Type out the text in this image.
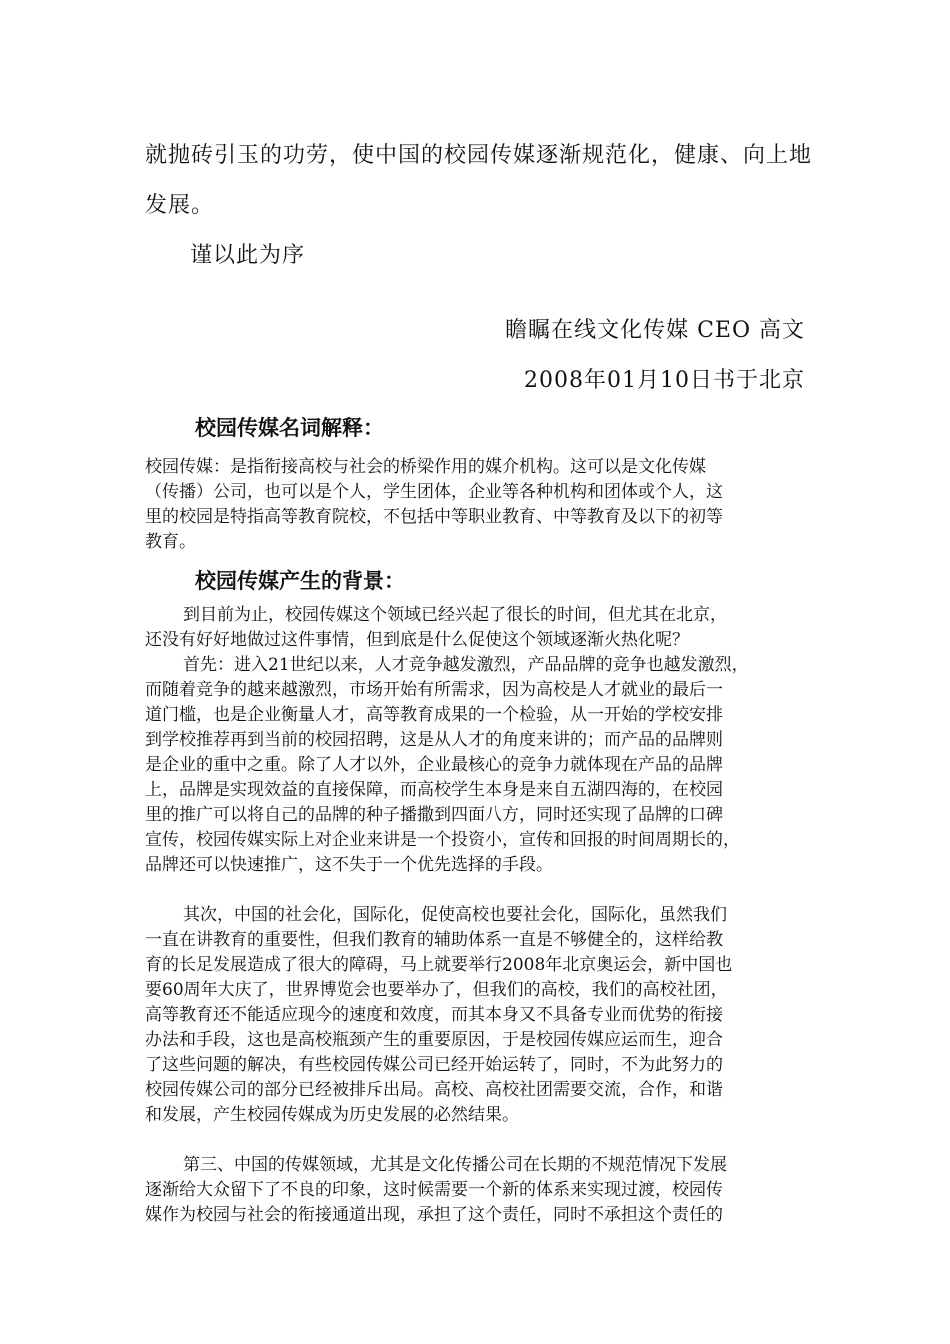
就抛砖引玉的功劳，使中国的校园传媒逐渐规范化，健康、向上地
发展。
谨以此为序
瞻瞩在线文化传媒 CEO 高文
2008年01月10日书于北京
校园传媒名词解释：
校园传媒：是指衔接高校与社会的桥梁作用的媒介机构。这可以是文化传媒
（传播）公司，也可以是个人，学生团体，企业等各种机构和团体或个人，这
里的校园是特指高等教育院校，不包括中等职业教育、中等教育及以下的初等
教育。
校园传媒产生的背景：
到目前为止，校园传媒这个领域已经兴起了很长的时间，但尤其在北京，
还没有好好地做过这件事情，但到底是什么促使这个领域逐渐火热化呢？
首先：进入21世纪以来，人才竞争越发激烈，产品品牌的竞争也越发激烈，
而随着竞争的越来越激烈，市场开始有所需求，因为高校是人才就业的最后一
道门槛，也是企业衡量人才，高等教育成果的一个检验，从一开始的学校安排
到学校推荐再到当前的校园招聘，这是从人才的角度来讲的；而产品的品牌则
是企业的重中之重。除了人才以外，企业最核心的竞争力就体现在产品的品牌
上，品牌是实现效益的直接保障，而高校学生本身是来自五湖四海的，在校园
里的推广可以将自己的品牌的种子播撒到四面八方，同时还实现了品牌的口碑
宣传，校园传媒实际上对企业来讲是一个投资小，宣传和回报的时间周期长的，
品牌还可以快速推广，这不失于一个优先选择的手段。
其次，中国的社会化，国际化，促使高校也要社会化，国际化，虽然我们
一直在讲教育的重要性，但我们教育的辅助体系一直是不够健全的，这样给教
育的长足发展造成了很大的障碍，马上就要举行2008年北京奥运会，新中国也
要60周年大庆了，世界博览会也要举办了，但我们的高校，我们的高校社团，
高等教育还不能适应现今的速度和效度，而其本身又不具备专业而优势的衔接
办法和手段，这也是高校瓶颈产生的重要原因，于是校园传媒应运而生，迎合
了这些问题的解决，有些校园传媒公司已经开始运转了，同时，不为此努力的
校园传媒公司的部分已经被排斥出局。高校、高校社团需要交流，合作，和谐
和发展，产生校园传媒成为历史发展的必然结果。
第三、中国的传媒领域，尤其是文化传播公司在长期的不规范情况下发展
逐渐给大众留下了不良的印象，这时候需要一个新的体系来实现过渡，校园传
媒作为校园与社会的衔接通道出现，承担了这个责任，同时不承担这个责任的
